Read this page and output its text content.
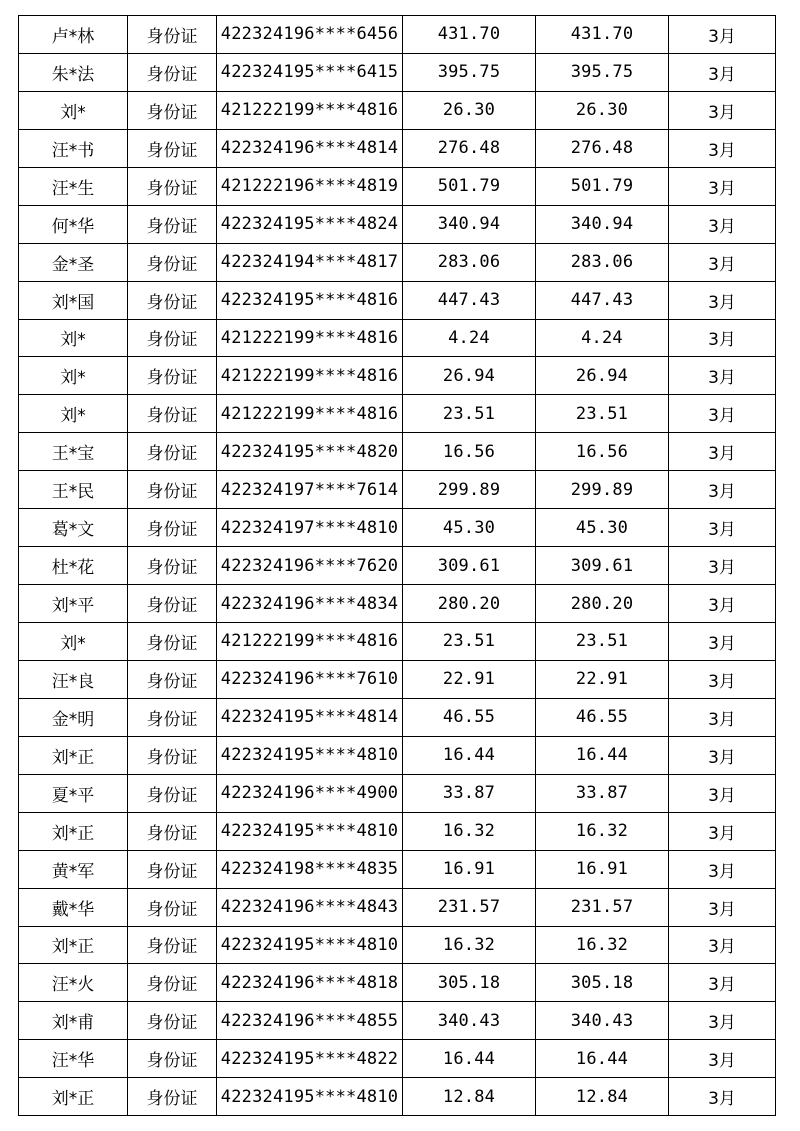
卢*林	身份证	422324196****6456	431.70	431.70	3月
朱*法	身份证	422324195****6415	395.75	395.75	3月
刘*	身份证	421222199****4816	26.30	26.30	3月
汪*书	身份证	422324196****4814	276.48	276.48	3月
汪*生	身份证	421222196****4819	501.79	501.79	3月
何*华	身份证	422324195****4824	340.94	340.94	3月
金*圣	身份证	422324194****4817	283.06	283.06	3月
刘*国	身份证	422324195****4816	447.43	447.43	3月
刘*	身份证	421222199****4816	4.24	4.24	3月
刘*	身份证	421222199****4816	26.94	26.94	3月
刘*	身份证	421222199****4816	23.51	23.51	3月
王*宝	身份证	422324195****4820	16.56	16.56	3月
王*民	身份证	422324197****7614	299.89	299.89	3月
葛*文	身份证	422324197****4810	45.30	45.30	3月
杜*花	身份证	422324196****7620	309.61	309.61	3月
刘*平	身份证	422324196****4834	280.20	280.20	3月
刘*	身份证	421222199****4816	23.51	23.51	3月
汪*良	身份证	422324196****7610	22.91	22.91	3月
金*明	身份证	422324195****4814	46.55	46.55	3月
刘*正	身份证	422324195****4810	16.44	16.44	3月
夏*平	身份证	422324196****4900	33.87	33.87	3月
刘*正	身份证	422324195****4810	16.32	16.32	3月
黄*军	身份证	422324198****4835	16.91	16.91	3月
戴*华	身份证	422324196****4843	231.57	231.57	3月
刘*正	身份证	422324195****4810	16.32	16.32	3月
汪*火	身份证	422324196****4818	305.18	305.18	3月
刘*甫	身份证	422324196****4855	340.43	340.43	3月
汪*华	身份证	422324195****4822	16.44	16.44	3月
刘*正	身份证	422324195****4810	12.84	12.84	3月
